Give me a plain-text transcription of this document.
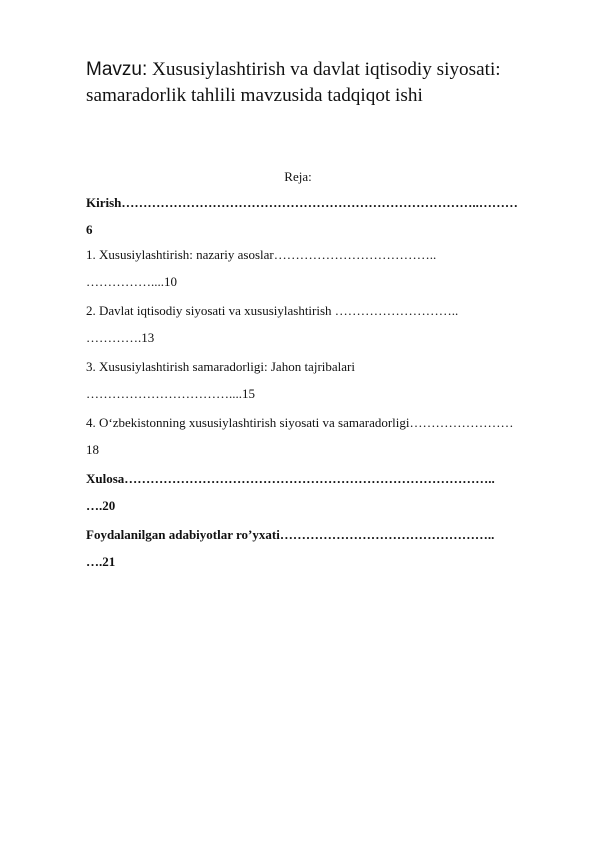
Mavzu: Xususiylashtirish va davlat iqtisodiy siyosati: samaradorlik tahlili mavzusida tadqiqot ishi
Reja:
Kirish………………………………………………………………………..………
6
1. Xususiylashtirish: nazariy asoslar………………………………..
……………....10
2. Davlat iqtisodiy siyosati va xususiylashtirish ………………………..
………….13
3. Xususiylashtirish samaradorligi: Jahon tajribalari
……………………………....15
4. O‘zbekistonning xususiylashtirish siyosati va samaradorligi……………………
18
Xulosa…………………………………………………………………………..
….20
Foydalanilgan adabiyotlar ro’yxati…………………………………………..
….21
